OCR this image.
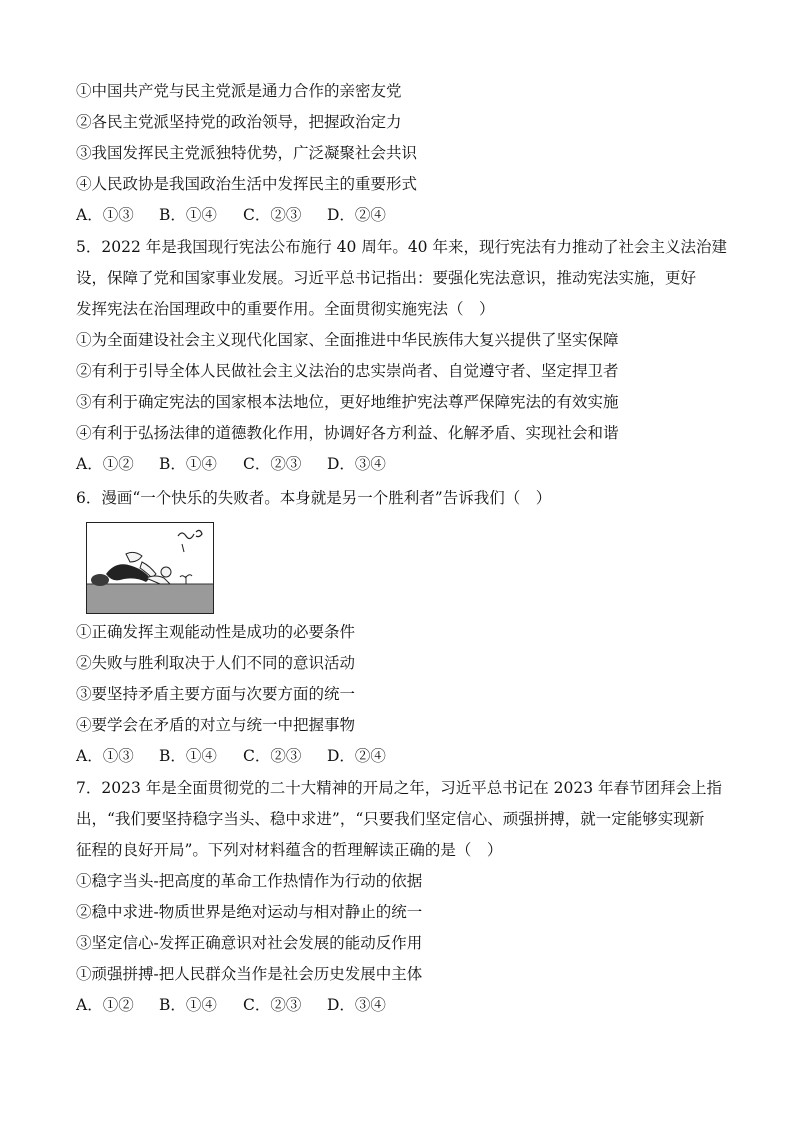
①中国共产党与民主党派是通力合作的亲密友党
②各民主党派坚持党的政治领导，把握政治定力
③我国发挥民主党派独特优势，广泛凝聚社会共识
④人民政协是我国政治生活中发挥民主的重要形式
A．①③ B．①④ C．②③ D．②④
5．2022 年是我国现行宪法公布施行 40 周年。40 年来，现行宪法有力推动了社会主义法治建
设，保障了党和国家事业发展。习近平总书记指出：要强化宪法意识，推动宪法实施，更好
发挥宪法在治国理政中的重要作用。全面贯彻实施宪法（　）
①为全面建设社会主义现代化国家、全面推进中华民族伟大复兴提供了坚实保障
②有利于引导全体人民做社会主义法治的忠实崇尚者、自觉遵守者、坚定捍卫者
③有利于确定宪法的国家根本法地位，更好地维护宪法尊严保障宪法的有效实施
④有利于弘扬法律的道德教化作用，协调好各方利益、化解矛盾、实现社会和谐
A．①② B．①④ C．②③ D．③④
6．漫画“一个快乐的失败者。本身就是另一个胜利者”告诉我们（　）
①正确发挥主观能动性是成功的必要条件
②失败与胜利取决于人们不同的意识活动
③要坚持矛盾主要方面与次要方面的统一
④要学会在矛盾的对立与统一中把握事物
A．①③ B．①④ C．②③ D．②④
7．2023 年是全面贯彻党的二十大精神的开局之年，习近平总书记在 2023 年春节团拜会上指
出，“我们要坚持稳字当头、稳中求进”，“只要我们坚定信心、顽强拼搏，就一定能够实现新
征程的良好开局”。下列对材料蕴含的哲理解读正确的是（　）
①稳字当头-把高度的革命工作热情作为行动的依据
②稳中求进-物质世界是绝对运动与相对静止的统一
③坚定信心-发挥正确意识对社会发展的能动反作用
①顽强拼搏-把人民群众当作是社会历史发展中主体
A．①② B．①④ C．②③ D．③④
